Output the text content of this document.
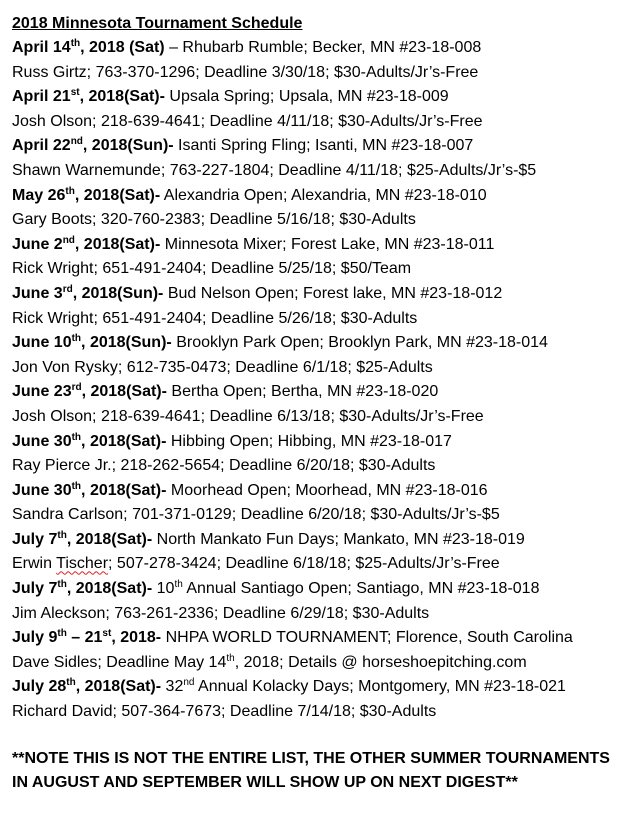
2018 Minnesota Tournament Schedule
April 14th, 2018 (Sat) – Rhubarb Rumble; Becker, MN #23-18-008
Russ Girtz; 763-370-1296; Deadline 3/30/18; $30-Adults/Jr’s-Free
April 21st, 2018(Sat)- Upsala Spring; Upsala, MN #23-18-009
Josh Olson; 218-639-4641; Deadline 4/11/18; $30-Adults/Jr’s-Free
April 22nd, 2018(Sun)- Isanti Spring Fling; Isanti, MN #23-18-007
Shawn Warnemunde; 763-227-1804; Deadline 4/11/18; $25-Adults/Jr’s-$5
May 26th, 2018(Sat)- Alexandria Open; Alexandria, MN #23-18-010
Gary Boots; 320-760-2383; Deadline 5/16/18; $30-Adults
June 2nd, 2018(Sat)- Minnesota Mixer; Forest Lake, MN #23-18-011
Rick Wright; 651-491-2404; Deadline 5/25/18; $50/Team
June 3rd, 2018(Sun)- Bud Nelson Open; Forest lake, MN #23-18-012
Rick Wright; 651-491-2404; Deadline 5/26/18; $30-Adults
June 10th, 2018(Sun)- Brooklyn Park Open; Brooklyn Park, MN #23-18-014
Jon Von Rysky; 612-735-0473; Deadline 6/1/18; $25-Adults
June 23rd, 2018(Sat)- Bertha Open; Bertha, MN #23-18-020
Josh Olson; 218-639-4641; Deadline 6/13/18; $30-Adults/Jr’s-Free
June 30th, 2018(Sat)- Hibbing Open; Hibbing, MN #23-18-017
Ray Pierce Jr.; 218-262-5654; Deadline 6/20/18; $30-Adults
June 30th, 2018(Sat)- Moorhead Open; Moorhead, MN #23-18-016
Sandra Carlson; 701-371-0129; Deadline 6/20/18; $30-Adults/Jr’s-$5
July 7th, 2018(Sat)- North Mankato Fun Days; Mankato, MN #23-18-019
Erwin Tischer; 507-278-3424; Deadline 6/18/18; $25-Adults/Jr’s-Free
July 7th, 2018(Sat)- 10th Annual Santiago Open; Santiago, MN #23-18-018
Jim Aleckson; 763-261-2336; Deadline 6/29/18; $30-Adults
July 9th – 21st, 2018- NHPA WORLD TOURNAMENT; Florence, South Carolina
Dave Sidles; Deadline May 14th, 2018; Details @ horseshoepitching.com
July 28th, 2018(Sat)- 32nd Annual Kolacky Days; Montgomery, MN #23-18-021
Richard David; 507-364-7673; Deadline 7/14/18; $30-Adults
**NOTE THIS IS NOT THE ENTIRE LIST, THE OTHER SUMMER TOURNAMENTS IN AUGUST AND SEPTEMBER WILL SHOW UP ON NEXT DIGEST**
